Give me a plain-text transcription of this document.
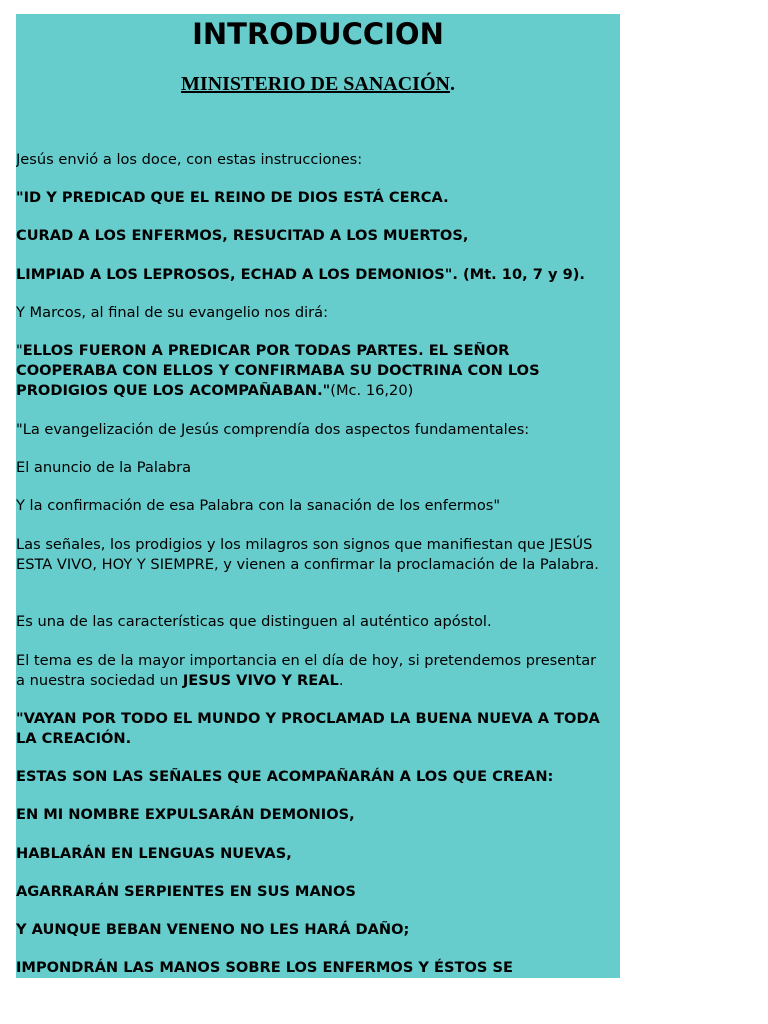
INTRODUCCION
MINISTERIO DE SANACIÓN.

Jesús envió a los doce, con estas instrucciones:

"ID Y PREDICAD QUE EL REINO DE DIOS ESTÁ CERCA.

CURAD A LOS ENFERMOS, RESUCITAD A LOS MUERTOS,

LIMPIAD A LOS LEPROSOS, ECHAD A LOS DEMONIOS". (Mt. 10, 7 y 9).

Y Marcos, al final de su evangelio nos dirá:

"ELLOS FUERON A PREDICAR POR TODAS PARTES. EL SEÑOR COOPERABA CON ELLOS Y CONFIRMABA SU DOCTRINA CON LOS PRODIGIOS QUE LOS ACOMPAÑABAN."(Mc. 16,20)

"La evangelización de Jesús comprendía dos aspectos fundamentales:

El anuncio de la Palabra

Y la confirmación de esa Palabra con la sanación de los enfermos"

Las señales, los prodigios y los milagros son signos que manifiestan que JESÚS ESTA VIVO, HOY Y SIEMPRE, y vienen a confirmar la proclamación de la Palabra.

Es una de las características que distinguen al auténtico apóstol.

El tema es de la mayor importancia en el día de hoy, si pretendemos presentar a nuestra sociedad un JESUS VIVO Y REAL.

"VAYAN POR TODO EL MUNDO Y PROCLAMAD LA BUENA NUEVA A TODA LA CREACIÓN.

ESTAS SON LAS SEÑALES QUE ACOMPAÑARÁN A LOS QUE CREAN:

EN MI NOMBRE EXPULSARÁN DEMONIOS,

HABLARÁN EN LENGUAS NUEVAS,

AGARRARÁN SERPIENTES EN SUS MANOS

Y AUNQUE BEBAN VENENO NO LES HARÁ DAÑO;

IMPONDRÁN LAS MANOS SOBRE LOS ENFERMOS Y ÉSTOS SE
